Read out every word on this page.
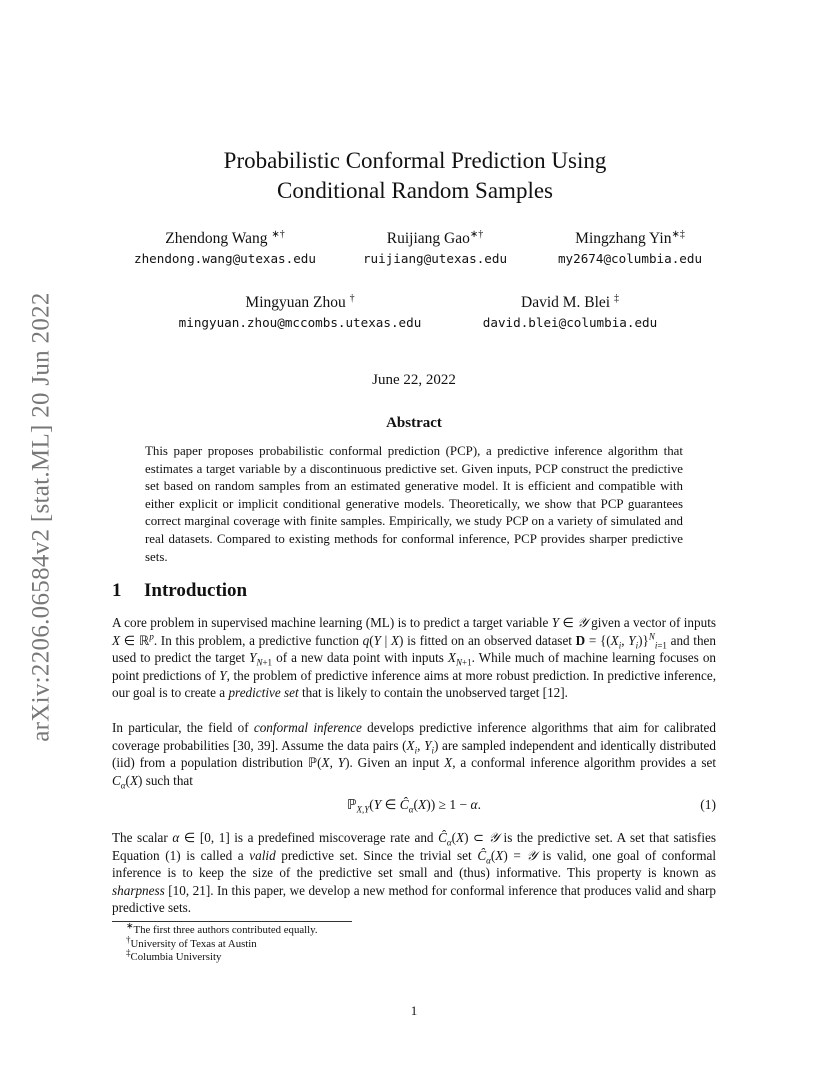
arXiv:2206.06584v2 [stat.ML] 20 Jun 2022
Probabilistic Conformal Prediction Using
Conditional Random Samples
Zhendong Wang ∗†
zhendong.wang@utexas.edu
Ruijiang Gao∗†
ruijiang@utexas.edu
Mingzhang Yin∗‡
my2674@columbia.edu
Mingyuan Zhou †
mingyuan.zhou@mccombs.utexas.edu
David M. Blei ‡
david.blei@columbia.edu
June 22, 2022
Abstract
This paper proposes probabilistic conformal prediction (PCP), a predictive inference algorithm that estimates a target variable by a discontinuous predictive set. Given inputs, PCP construct the predictive set based on random samples from an estimated generative model. It is efficient and compatible with either explicit or implicit conditional generative models. Theoretically, we show that PCP guarantees correct marginal coverage with finite samples. Empirically, we study PCP on a variety of simulated and real datasets. Compared to existing methods for conformal inference, PCP provides sharper predictive sets.
1 Introduction
A core problem in supervised machine learning (ML) is to predict a target variable Y ∈ 𝒴 given a vector of inputs X ∈ ℝ$^p$. In this problem, a predictive function q(Y | X) is fitted on an observed dataset $D = \{(X_i$, $Y_i)\}^N_{i=1}$ and then used to predict the target $Y_{N+1}$ of a new data point with inputs $X_{N+1}$. While much of machine learning focuses on point predictions of Y, the problem of predictive inference aims at more robust prediction. In predictive inference, our goal is to create a predictive set that is likely to contain the unobserved target [12].
In particular, the field of conformal inference develops predictive inference algorithms that aim for calibrated coverage probabilities [30, 39]. Assume the data pairs ($X_i$, $Y_i$) are sampled independent and identically distributed (iid) from a population distribution ℙ(X, Y). Given an input X, a conformal inference algorithm provides a set $C_\alpha(X)$ such that
ℙ$_{X,Y}$(Y ∈ $Ĉ_\alpha(X)) \ge 1 - \alpha$.	(1)
The scalar α ∈ [0, 1] is a predefined miscoverage rate and $Ĉ_\alpha(X)$ ⊂ 𝒴 is the predictive set. A set that satisfies Equation (1) is called a valid predictive set. Since the trivial set $Ĉ_\alpha(X)$ = 𝒴 is valid, one goal of conformal inference is to keep the size of the predictive set small and (thus) informative. This property is known as sharpness [10, 21]. In this paper, we develop a new method for conformal inference that produces valid and sharp predictive sets.
∗The first three authors contributed equally.
†University of Texas at Austin
‡Columbia University
1
